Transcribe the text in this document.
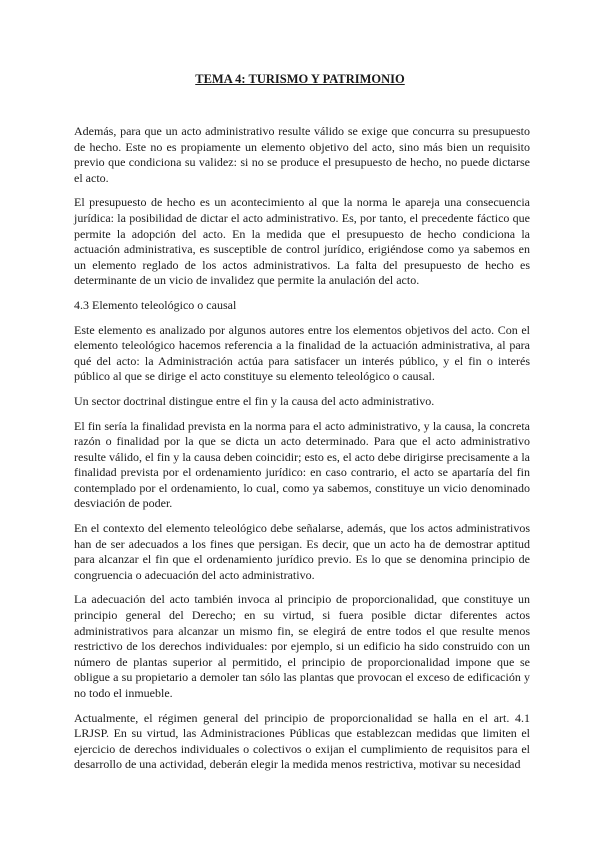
TEMA 4: TURISMO Y PATRIMONIO

Además, para que un acto administrativo resulte válido se exige que concurra su presupuesto de hecho. Este no es propiamente un elemento objetivo del acto, sino más bien un requisito previo que condiciona su validez: si no se produce el presupuesto de hecho, no puede dictarse el acto.

El presupuesto de hecho es un acontecimiento al que la norma le apareja una consecuencia jurídica: la posibilidad de dictar el acto administrativo. Es, por tanto, el precedente fáctico que permite la adopción del acto. En la medida que el presupuesto de hecho condiciona la actuación administrativa, es susceptible de control jurídico, erigiéndose como ya sabemos en un elemento reglado de los actos administrativos. La falta del presupuesto de hecho es determinante de un vicio de invalidez que permite la anulación del acto.

4.3 Elemento teleológico o causal

Este elemento es analizado por algunos autores entre los elementos objetivos del acto. Con el elemento teleológico hacemos referencia a la finalidad de la actuación administrativa, al para qué del acto: la Administración actúa para satisfacer un interés público, y el fin o interés público al que se dirige el acto constituye su elemento teleológico o causal.

Un sector doctrinal distingue entre el fin y la causa del acto administrativo.

El fin sería la finalidad prevista en la norma para el acto administrativo, y la causa, la concreta razón o finalidad por la que se dicta un acto determinado. Para que el acto administrativo resulte válido, el fin y la causa deben coincidir; esto es, el acto debe dirigirse precisamente a la finalidad prevista por el ordenamiento jurídico: en caso contrario, el acto se apartaría del fin contemplado por el ordenamiento, lo cual, como ya sabemos, constituye un vicio denominado desviación de poder.

En el contexto del elemento teleológico debe señalarse, además, que los actos administrativos han de ser adecuados a los fines que persigan. Es decir, que un acto ha de demostrar aptitud para alcanzar el fin que el ordenamiento jurídico previo. Es lo que se denomina principio de congruencia o adecuación del acto administrativo.

La adecuación del acto también invoca al principio de proporcionalidad, que constituye un principio general del Derecho; en su virtud, si fuera posible dictar diferentes actos administrativos para alcanzar un mismo fin, se elegirá de entre todos el que resulte menos restrictivo de los derechos individuales: por ejemplo, si un edificio ha sido construido con un número de plantas superior al permitido, el principio de proporcionalidad impone que se obligue a su propietario a demoler tan sólo las plantas que provocan el exceso de edificación y no todo el inmueble.

Actualmente, el régimen general del principio de proporcionalidad se halla en el art. 4.1 LRJSP. En su virtud, las Administraciones Públicas que establezcan medidas que limiten el ejercicio de derechos individuales o colectivos o exijan el cumplimiento de requisitos para el desarrollo de una actividad, deberán elegir la medida menos restrictiva, motivar su necesidad
